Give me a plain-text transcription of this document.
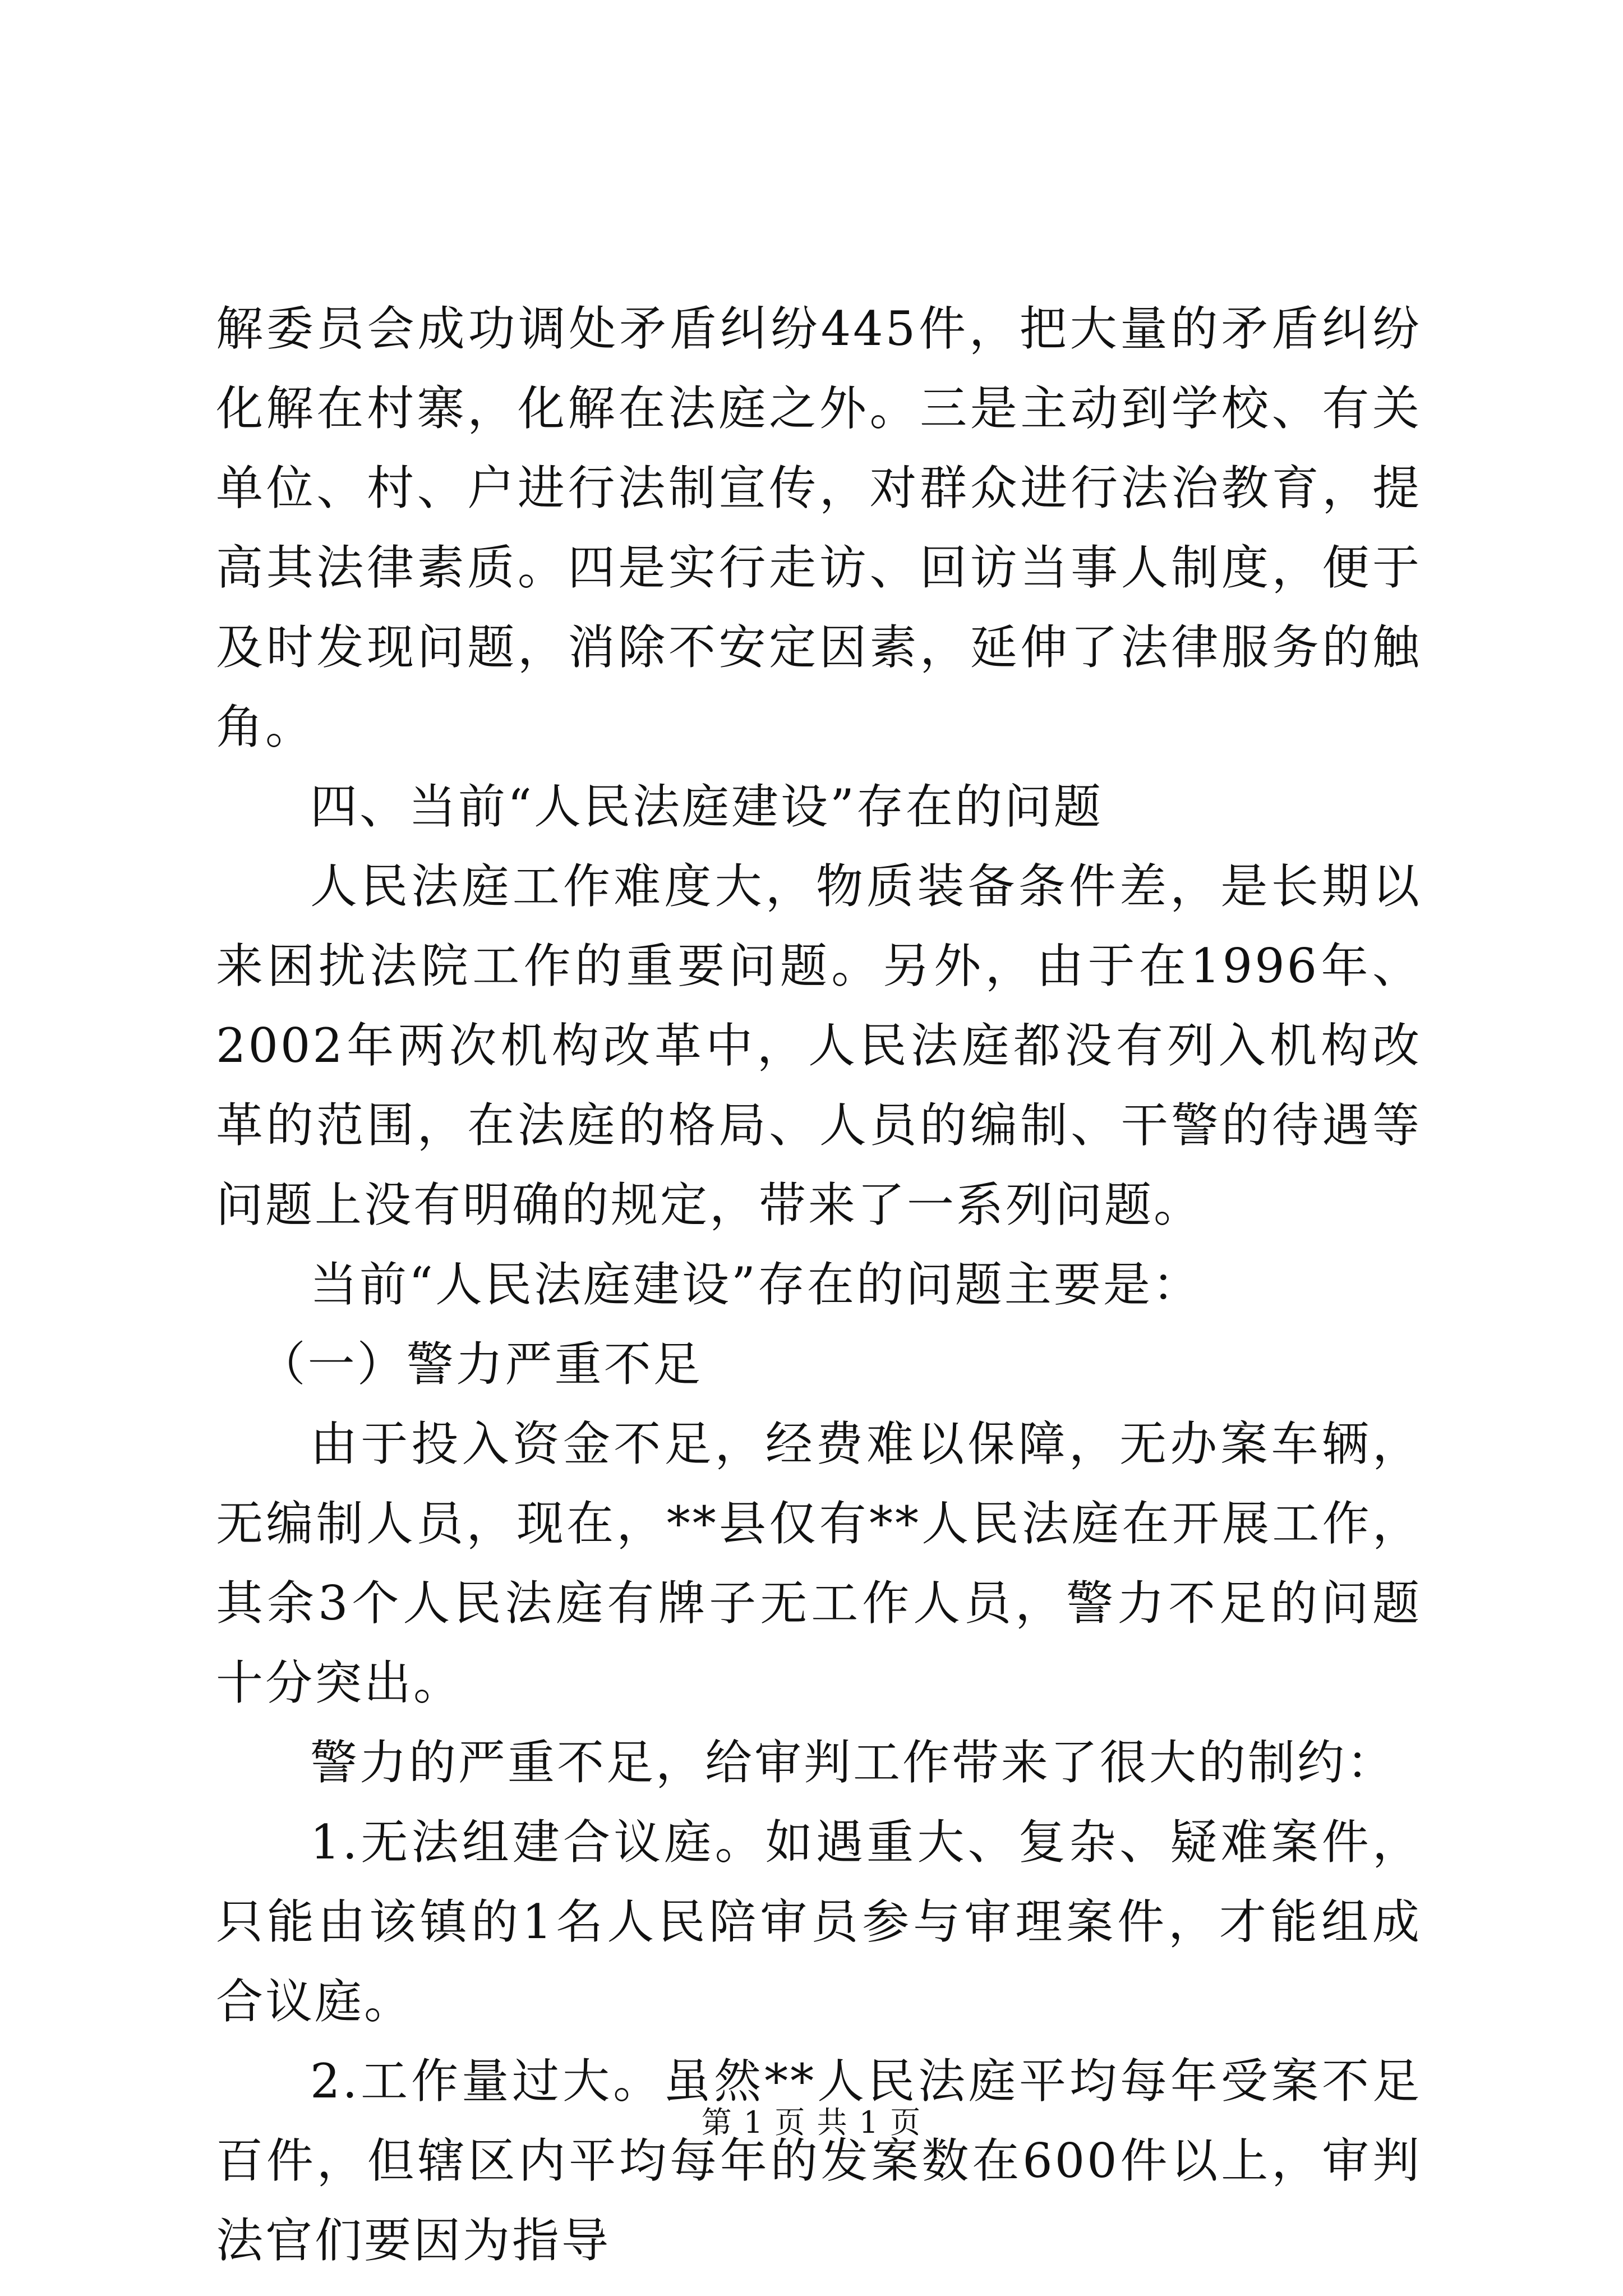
解委员会成功调处矛盾纠纷445件，把大量的矛盾纠纷化解在村寨，化解在法庭之外。三是主动到学校、有关单位、村、户进行法制宣传，对群众进行法治教育，提高其法律素质。四是实行走访、回访当事人制度，便于及时发现问题，消除不安定因素，延伸了法律服务的触角。

四、当前“人民法庭建设”存在的问题

人民法庭工作难度大，物质装备条件差，是长期以来困扰法院工作的重要问题。另外，由于在1996年、2002年两次机构改革中，人民法庭都没有列入机构改革的范围，在法庭的格局、人员的编制、干警的待遇等问题上没有明确的规定，带来了一系列问题。

当前“人民法庭建设”存在的问题主要是：

（一）警力严重不足

由于投入资金不足，经费难以保障，无办案车辆，无编制人员，现在，**县仅有**人民法庭在开展工作，其余3个人民法庭有牌子无工作人员，警力不足的问题十分突出。

警力的严重不足，给审判工作带来了很大的制约：

1.无法组建合议庭。如遇重大、复杂、疑难案件，只能由该镇的1名人民陪审员参与审理案件，才能组成合议庭。

2.工作量过大。虽然**人民法庭平均每年受案不足百件，但辖区内平均每年的发案数在600件以上，审判法官们要因为指导

第 1 页 共 1 页
